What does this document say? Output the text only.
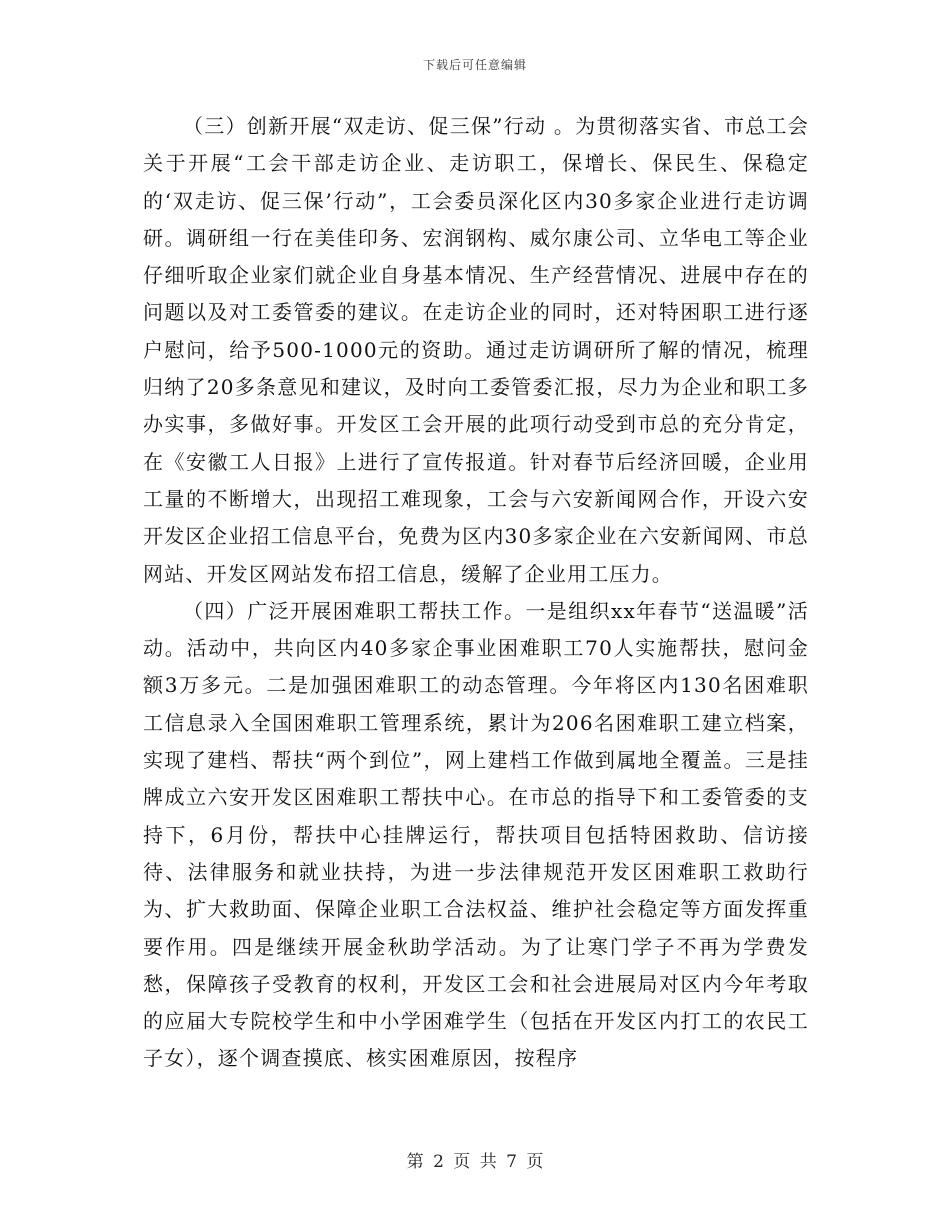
下载后可任意编辑

（三）创新开展“双走访、促三保”行动 。为贯彻落实省、市总工会关于开展“工会干部走访企业、走访职工，保增长、保民生、保稳定的‘双走访、促三保’行动”，工会委员深化区内30多家企业进行走访调研。调研组一行在美佳印务、宏润钢构、威尔康公司、立华电工等企业仔细听取企业家们就企业自身基本情况、生产经营情况、进展中存在的问题以及对工委管委的建议。在走访企业的同时，还对特困职工进行逐户慰问，给予500-1000元的资助。通过走访调研所了解的情况，梳理归纳了20多条意见和建议，及时向工委管委汇报，尽力为企业和职工多办实事，多做好事。开发区工会开展的此项行动受到市总的充分肯定，在《安徽工人日报》上进行了宣传报道。针对春节后经济回暖，企业用工量的不断增大，出现招工难现象，工会与六安新闻网合作，开设六安开发区企业招工信息平台，免费为区内30多家企业在六安新闻网、市总网站、开发区网站发布招工信息，缓解了企业用工压力。

（四）广泛开展困难职工帮扶工作。一是组织xx年春节“送温暖”活动。活动中，共向区内40多家企事业困难职工70人实施帮扶，慰问金额3万多元。二是加强困难职工的动态管理。今年将区内130名困难职工信息录入全国困难职工管理系统，累计为206名困难职工建立档案，实现了建档、帮扶“两个到位”，网上建档工作做到属地全覆盖。三是挂牌成立六安开发区困难职工帮扶中心。在市总的指导下和工委管委的支持下，6月份，帮扶中心挂牌运行，帮扶项目包括特困救助、信访接待、法律服务和就业扶持，为进一步法律规范开发区困难职工救助行为、扩大救助面、保障企业职工合法权益、维护社会稳定等方面发挥重要作用。四是继续开展金秋助学活动。为了让寒门学子不再为学费发愁，保障孩子受教育的权利，开发区工会和社会进展局对区内今年考取的应届大专院校学生和中小学困难学生（包括在开发区内打工的农民工子女），逐个调查摸底、核实困难原因，按程序

第 2 页 共 7 页
